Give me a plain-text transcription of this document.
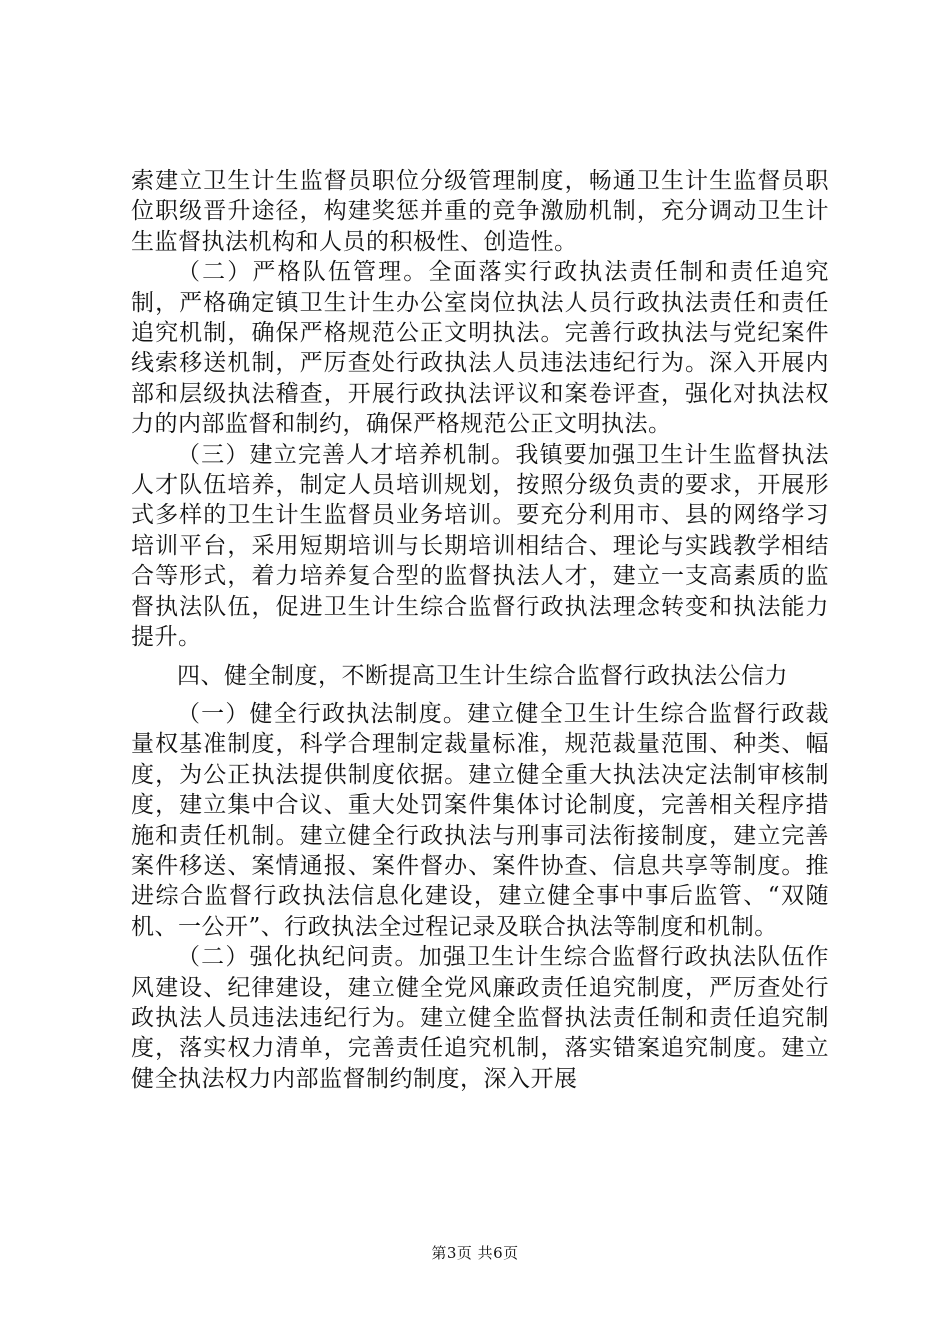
索建立卫生计生监督员职位分级管理制度，畅通卫生计生监督员职位职级晋升途径，构建奖惩并重的竞争激励机制，充分调动卫生计生监督执法机构和人员的积极性、创造性。

（二）严格队伍管理。全面落实行政执法责任制和责任追究制，严格确定镇卫生计生办公室岗位执法人员行政执法责任和责任追究机制，确保严格规范公正文明执法。完善行政执法与党纪案件线索移送机制，严厉查处行政执法人员违法违纪行为。深入开展内部和层级执法稽查，开展行政执法评议和案卷评查，强化对执法权力的内部监督和制约，确保严格规范公正文明执法。

（三）建立完善人才培养机制。我镇要加强卫生计生监督执法人才队伍培养，制定人员培训规划，按照分级负责的要求，开展形式多样的卫生计生监督员业务培训。要充分利用市、县的网络学习培训平台，采用短期培训与长期培训相结合、理论与实践教学相结合等形式，着力培养复合型的监督执法人才，建立一支高素质的监督执法队伍，促进卫生计生综合监督行政执法理念转变和执法能力提升。

四、健全制度，不断提高卫生计生综合监督行政执法公信力

（一）健全行政执法制度。建立健全卫生计生综合监督行政裁量权基准制度，科学合理制定裁量标准，规范裁量范围、种类、幅度，为公正执法提供制度依据。建立健全重大执法决定法制审核制度，建立集中合议、重大处罚案件集体讨论制度，完善相关程序措施和责任机制。建立健全行政执法与刑事司法衔接制度，建立完善案件移送、案情通报、案件督办、案件协查、信息共享等制度。推进综合监督行政执法信息化建设，建立健全事中事后监管、“双随机、一公开”、行政执法全过程记录及联合执法等制度和机制。

（二）强化执纪问责。加强卫生计生综合监督行政执法队伍作风建设、纪律建设，建立健全党风廉政责任追究制度，严厉查处行政执法人员违法违纪行为。建立健全监督执法责任制和责任追究制度，落实权力清单，完善责任追究机制，落实错案追究制度。建立健全执法权力内部监督制约制度，深入开展

第3页 共6页
